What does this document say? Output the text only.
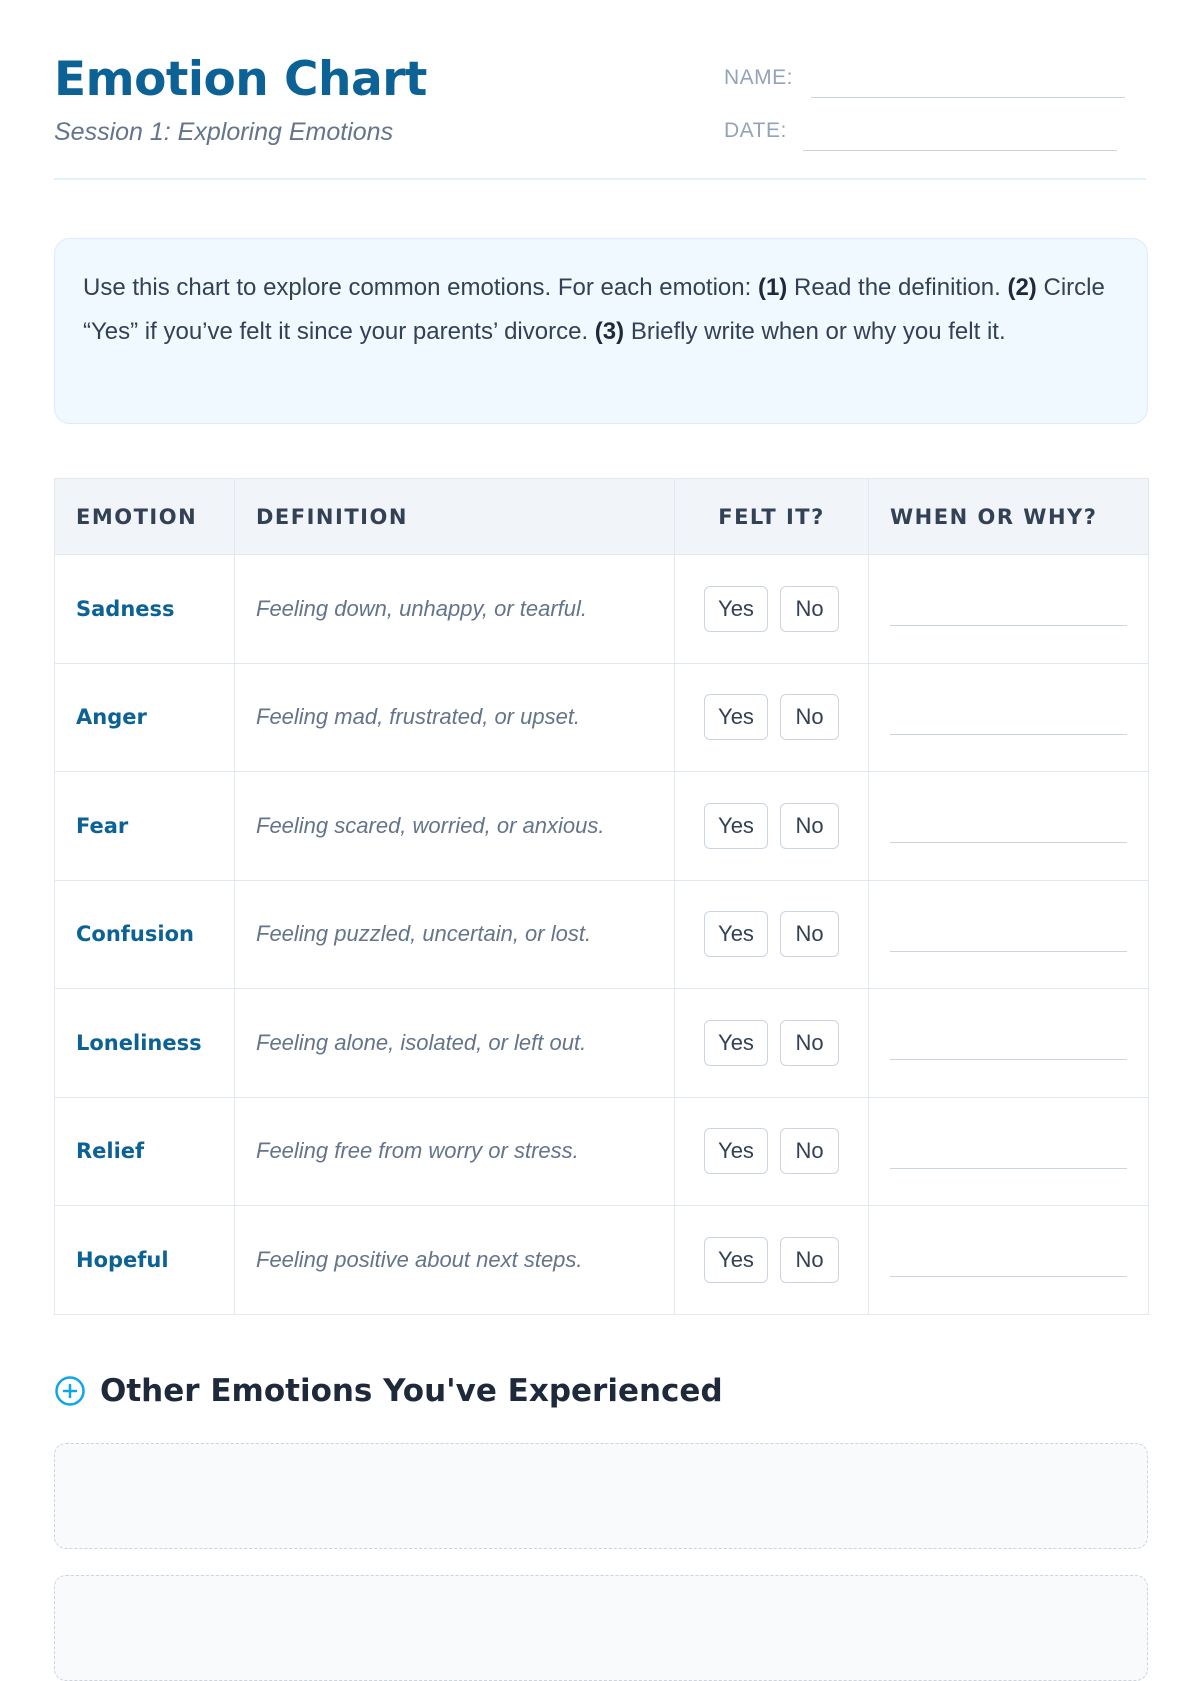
Emotion Chart
Session 1: Exploring Emotions
NAME:
DATE:
Use this chart to explore common emotions. For each emotion: (1) Read the definition. (2) Circle “Yes” if you’ve felt it since your parents’ divorce. (3) Briefly write when or why you felt it.
EMOTION	DEFINITION	FELT IT?	WHEN OR WHY?
Sadness	Feeling down, unhappy, or tearful.	Yes No	

Anger	Feeling mad, frustrated, or upset.	Yes No	

Fear	Feeling scared, worried, or anxious.	Yes No	

Confusion	Feeling puzzled, uncertain, or lost.	Yes No	

Loneliness	Feeling alone, isolated, or left out.	Yes No	

Relief	Feeling free from worry or stress.	Yes No	

Hopeful	Feeling positive about next steps.	Yes No	
Other Emotions You've Experienced
